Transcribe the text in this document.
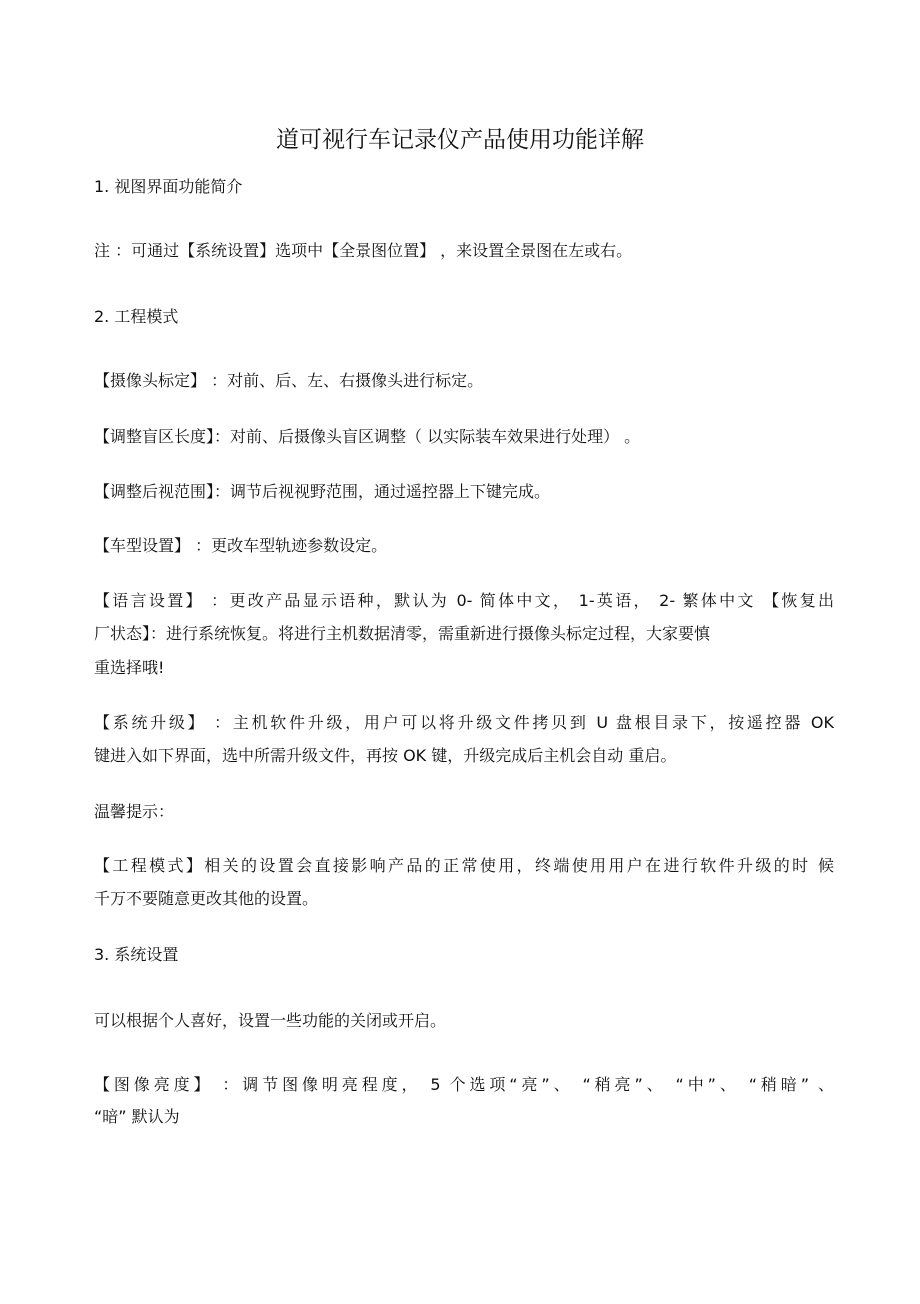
道可视行车记录仪产品使用功能详解
1. 视图界面功能简介
注 ：可通过【系统设置】选项中【全景图位置】 ，来设置全景图在左或右。
2. 工程模式
【摄像头标定】 ：对前、后、左、右摄像头进行标定。
【调整盲区长度】：对前、后摄像头盲区调整（ 以实际装车效果进行处理） 。
【调整后视范围】：调节后视视野范围，通过遥控器上下键完成。
【车型设置】 ：更改车型轨迹参数设定。
【语言设置】 ：更改产品显示语种，默认为 0- 简体中文， 1-英语， 2- 繁体中文 【恢复出
厂状态】：进行系统恢复。将进行主机数据清零，需重新进行摄像头标定过程，大家要慎
重选择哦!
【系统升级】 ：主机软件升级，用户可以将升级文件拷贝到 U 盘根目录下，按遥控器 OK
键进入如下界面，选中所需升级文件，再按 OK 键，升级完成后主机会自动 重启。
温馨提示：
【工程模式】相关的设置会直接影响产品的正常使用，终端使用用户在进行软件升级的时 候
千万不要随意更改其他的设置。
3. 系统设置
可以根据个人喜好，设置一些功能的关闭或开启。
【图像亮度】 ：调节图像明亮程度， 5 个选项“亮”、 “稍亮”、 “中”、 “稍暗” 、
“暗” 默认为
